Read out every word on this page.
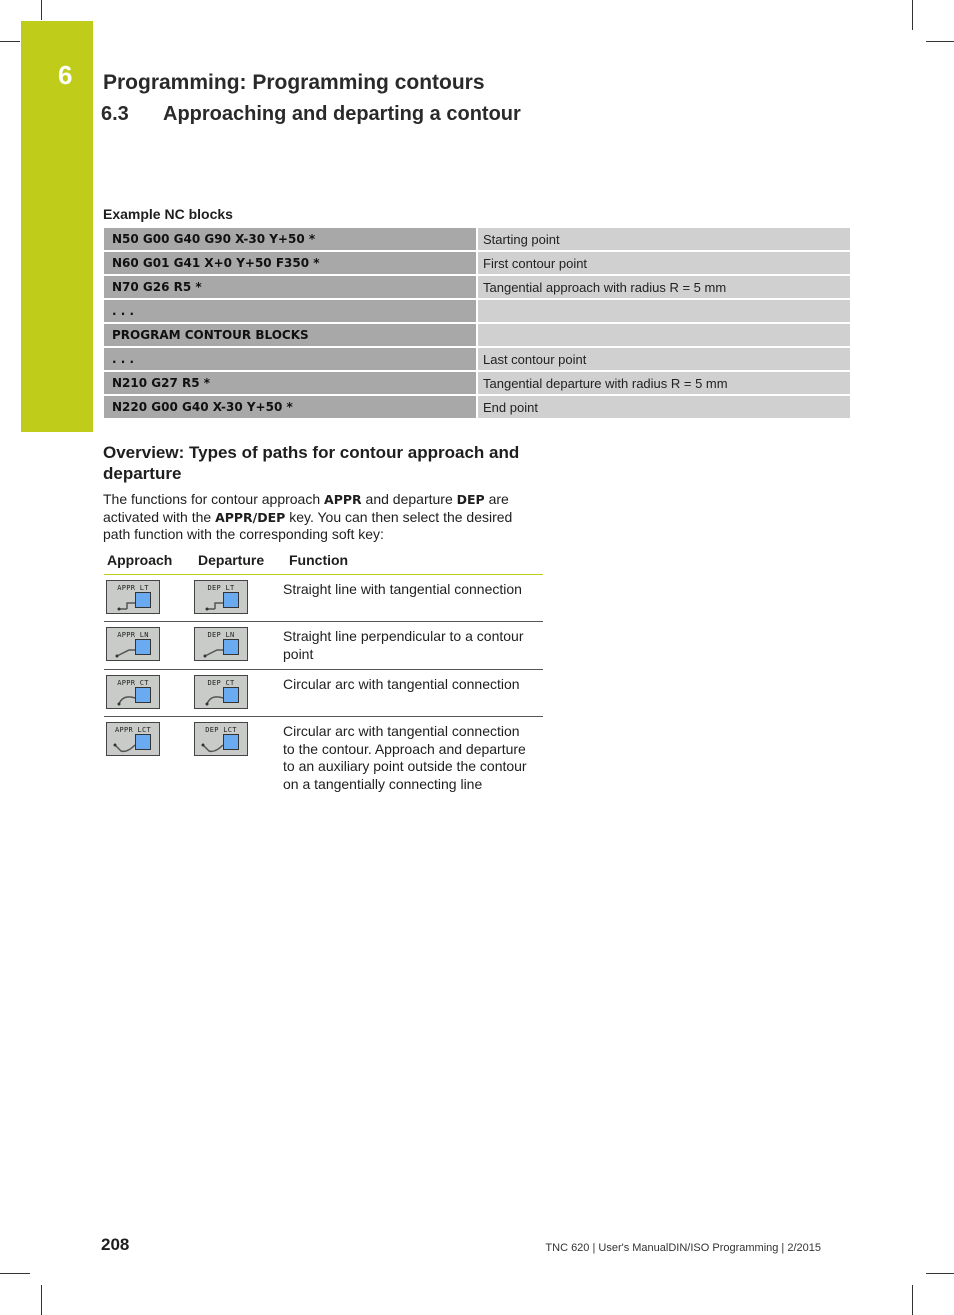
6 Programming: Programming contours
6.3 Approaching and departing a contour
Example NC blocks
N50 G00 G40 G90 X-30 Y+50 *	Starting point
N60 G01 G41 X+0 Y+50 F350 *	First contour point
N70 G26 R5 *	Tangential approach with radius R = 5 mm
. . .
PROGRAM CONTOUR BLOCKS
. . .	Last contour point
N210 G27 R5 *	Tangential departure with radius R = 5 mm
N220 G00 G40 X-30 Y+50 *	End point
Overview: Types of paths for contour approach and departure
The functions for contour approach APPR and departure DEP are activated with the APPR/DEP key. You can then select the desired path function with the corresponding soft key:
Approach	Departure	Function
APPR LT	DEP LT	Straight line with tangential connection
APPR LN	DEP LN	Straight line perpendicular to a contour point
APPR CT	DEP CT	Circular arc with tangential connection
APPR LCT	DEP LCT	Circular arc with tangential connection to the contour. Approach and departure to an auxiliary point outside the contour on a tangentially connecting line
208	TNC 620 | User's ManualDIN/ISO Programming | 2/2015
